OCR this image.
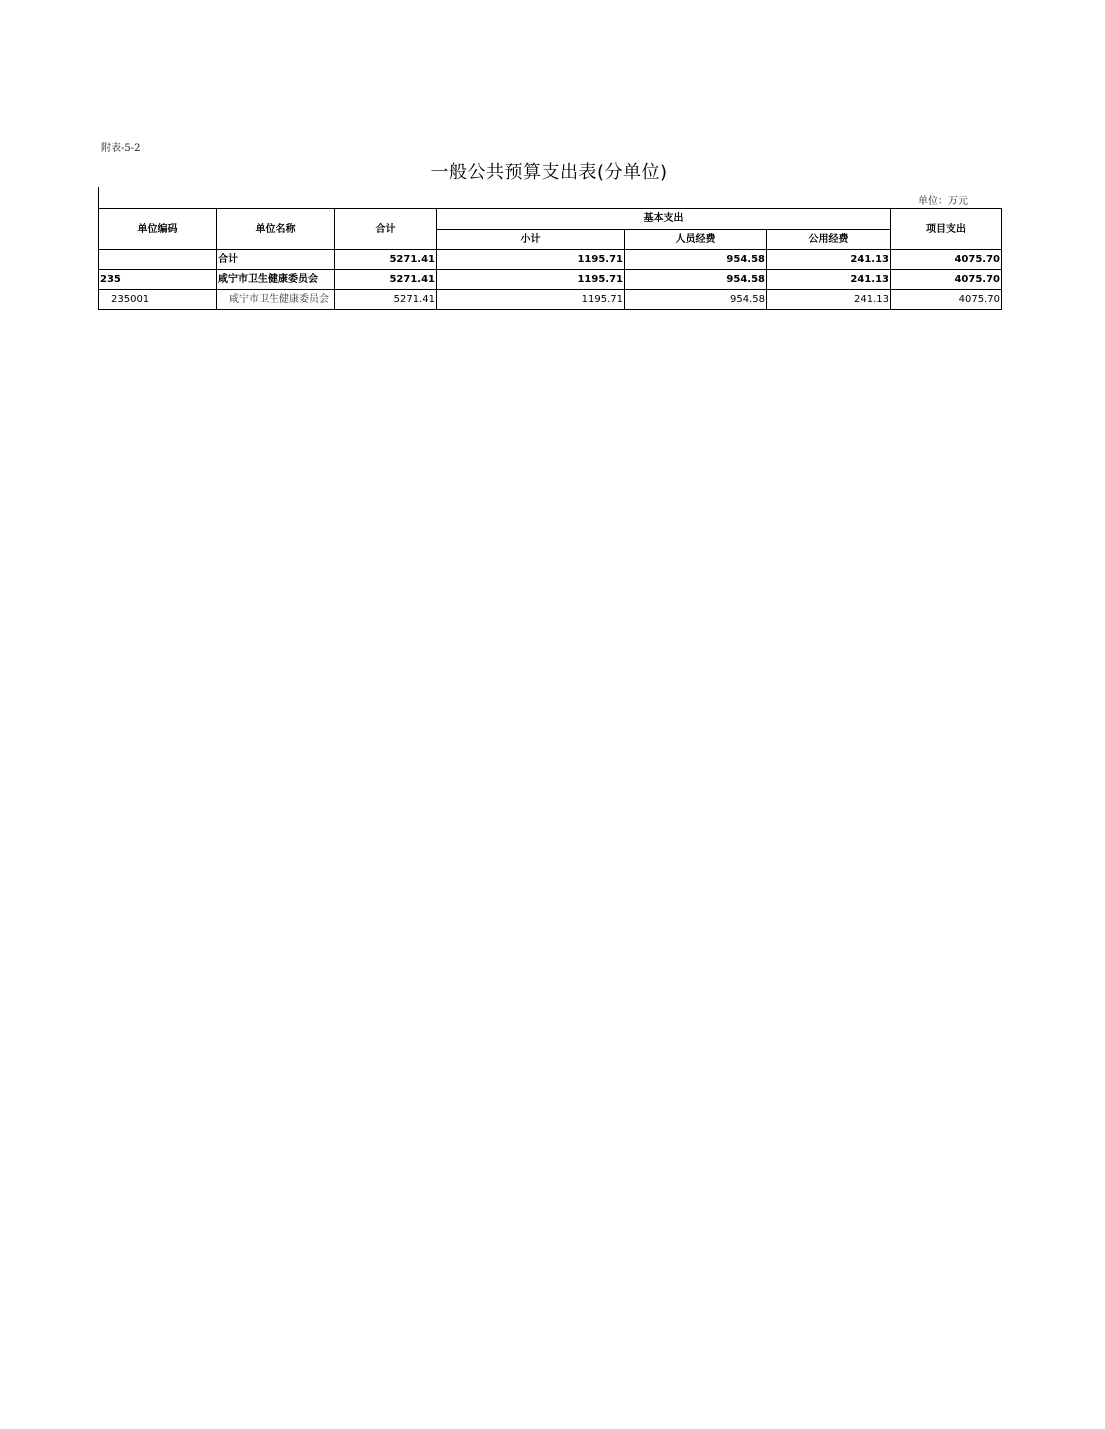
附表-5-2
一般公共预算支出表(分单位)
单位：万元
单位编码	单位名称	合计	基本支出			项目支出
			小计	人员经费	公用经费	
	合计	5271.41	1195.71	954.58	241.13	4075.70
235	咸宁市卫生健康委员会	5271.41	1195.71	954.58	241.13	4075.70
235001	咸宁市卫生健康委员会	5271.41	1195.71	954.58	241.13	4075.70
